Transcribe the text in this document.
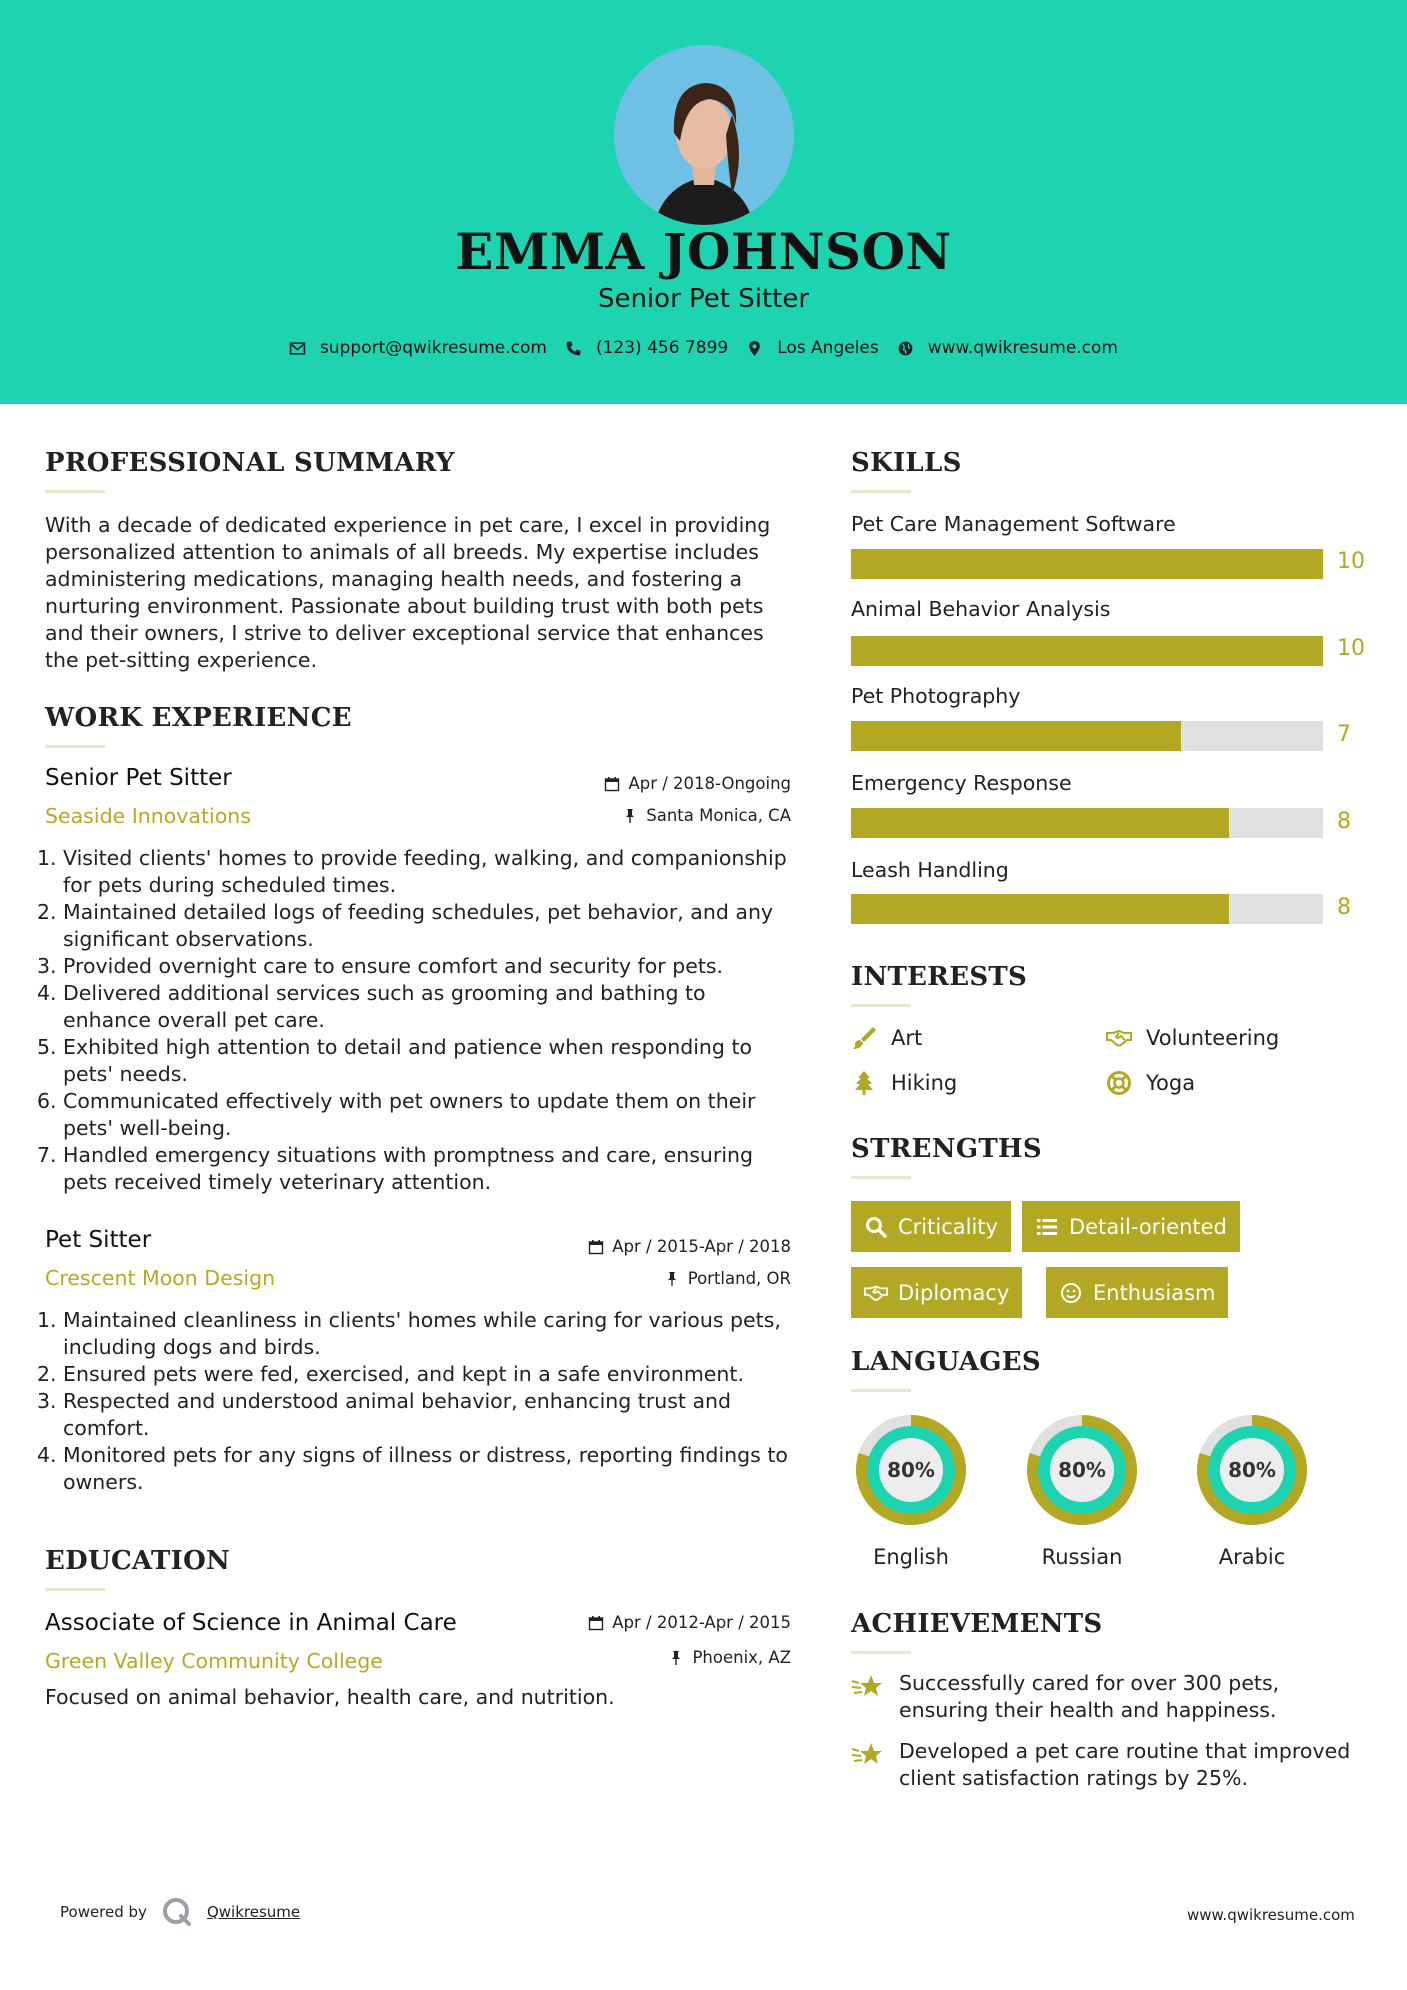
EMMA JOHNSON
Senior Pet Sitter
support@qwikresume.com	(123) 456 7899	Los Angeles	www.qwikresume.com
PROFESSIONAL SUMMARY
With a decade of dedicated experience in pet care, I excel in providing personalized attention to animals of all breeds. My expertise includes administering medications, managing health needs, and fostering a nurturing environment. Passionate about building trust with both pets and their owners, I strive to deliver exceptional service that enhances the pet-sitting experience.
WORK EXPERIENCE
Senior Pet Sitter
Seaside Innovations
Apr / 2018-Ongoing
Santa Monica, CA
1. Visited clients' homes to provide feeding, walking, and companionship for pets during scheduled times.
2. Maintained detailed logs of feeding schedules, pet behavior, and any significant observations.
3. Provided overnight care to ensure comfort and security for pets.
4. Delivered additional services such as grooming and bathing to enhance overall pet care.
5. Exhibited high attention to detail and patience when responding to pets' needs.
6. Communicated effectively with pet owners to update them on their pets' well-being.
7. Handled emergency situations with promptness and care, ensuring pets received timely veterinary attention.
Pet Sitter
Crescent Moon Design
Apr / 2015-Apr / 2018
Portland, OR
1. Maintained cleanliness in clients' homes while caring for various pets, including dogs and birds.
2. Ensured pets were fed, exercised, and kept in a safe environment.
3. Respected and understood animal behavior, enhancing trust and comfort.
4. Monitored pets for any signs of illness or distress, reporting findings to owners.
EDUCATION
Associate of Science in Animal Care
Green Valley Community College
Apr / 2012-Apr / 2015
Phoenix, AZ
Focused on animal behavior, health care, and nutrition.
SKILLS
Pet Care Management Software
10
Animal Behavior Analysis
10
Pet Photography
7
Emergency Response
8
Leash Handling
8
INTERESTS
Art	Volunteering
Hiking	Yoga
STRENGTHS
Criticality	Detail-oriented
Diplomacy	Enthusiasm
LANGUAGES
80%
English
80%
Russian
80%
Arabic
ACHIEVEMENTS
Successfully cared for over 300 pets, ensuring their health and happiness.
Developed a pet care routine that improved client satisfaction ratings by 25%.
Powered by	Qwikresume	www.qwikresume.com
